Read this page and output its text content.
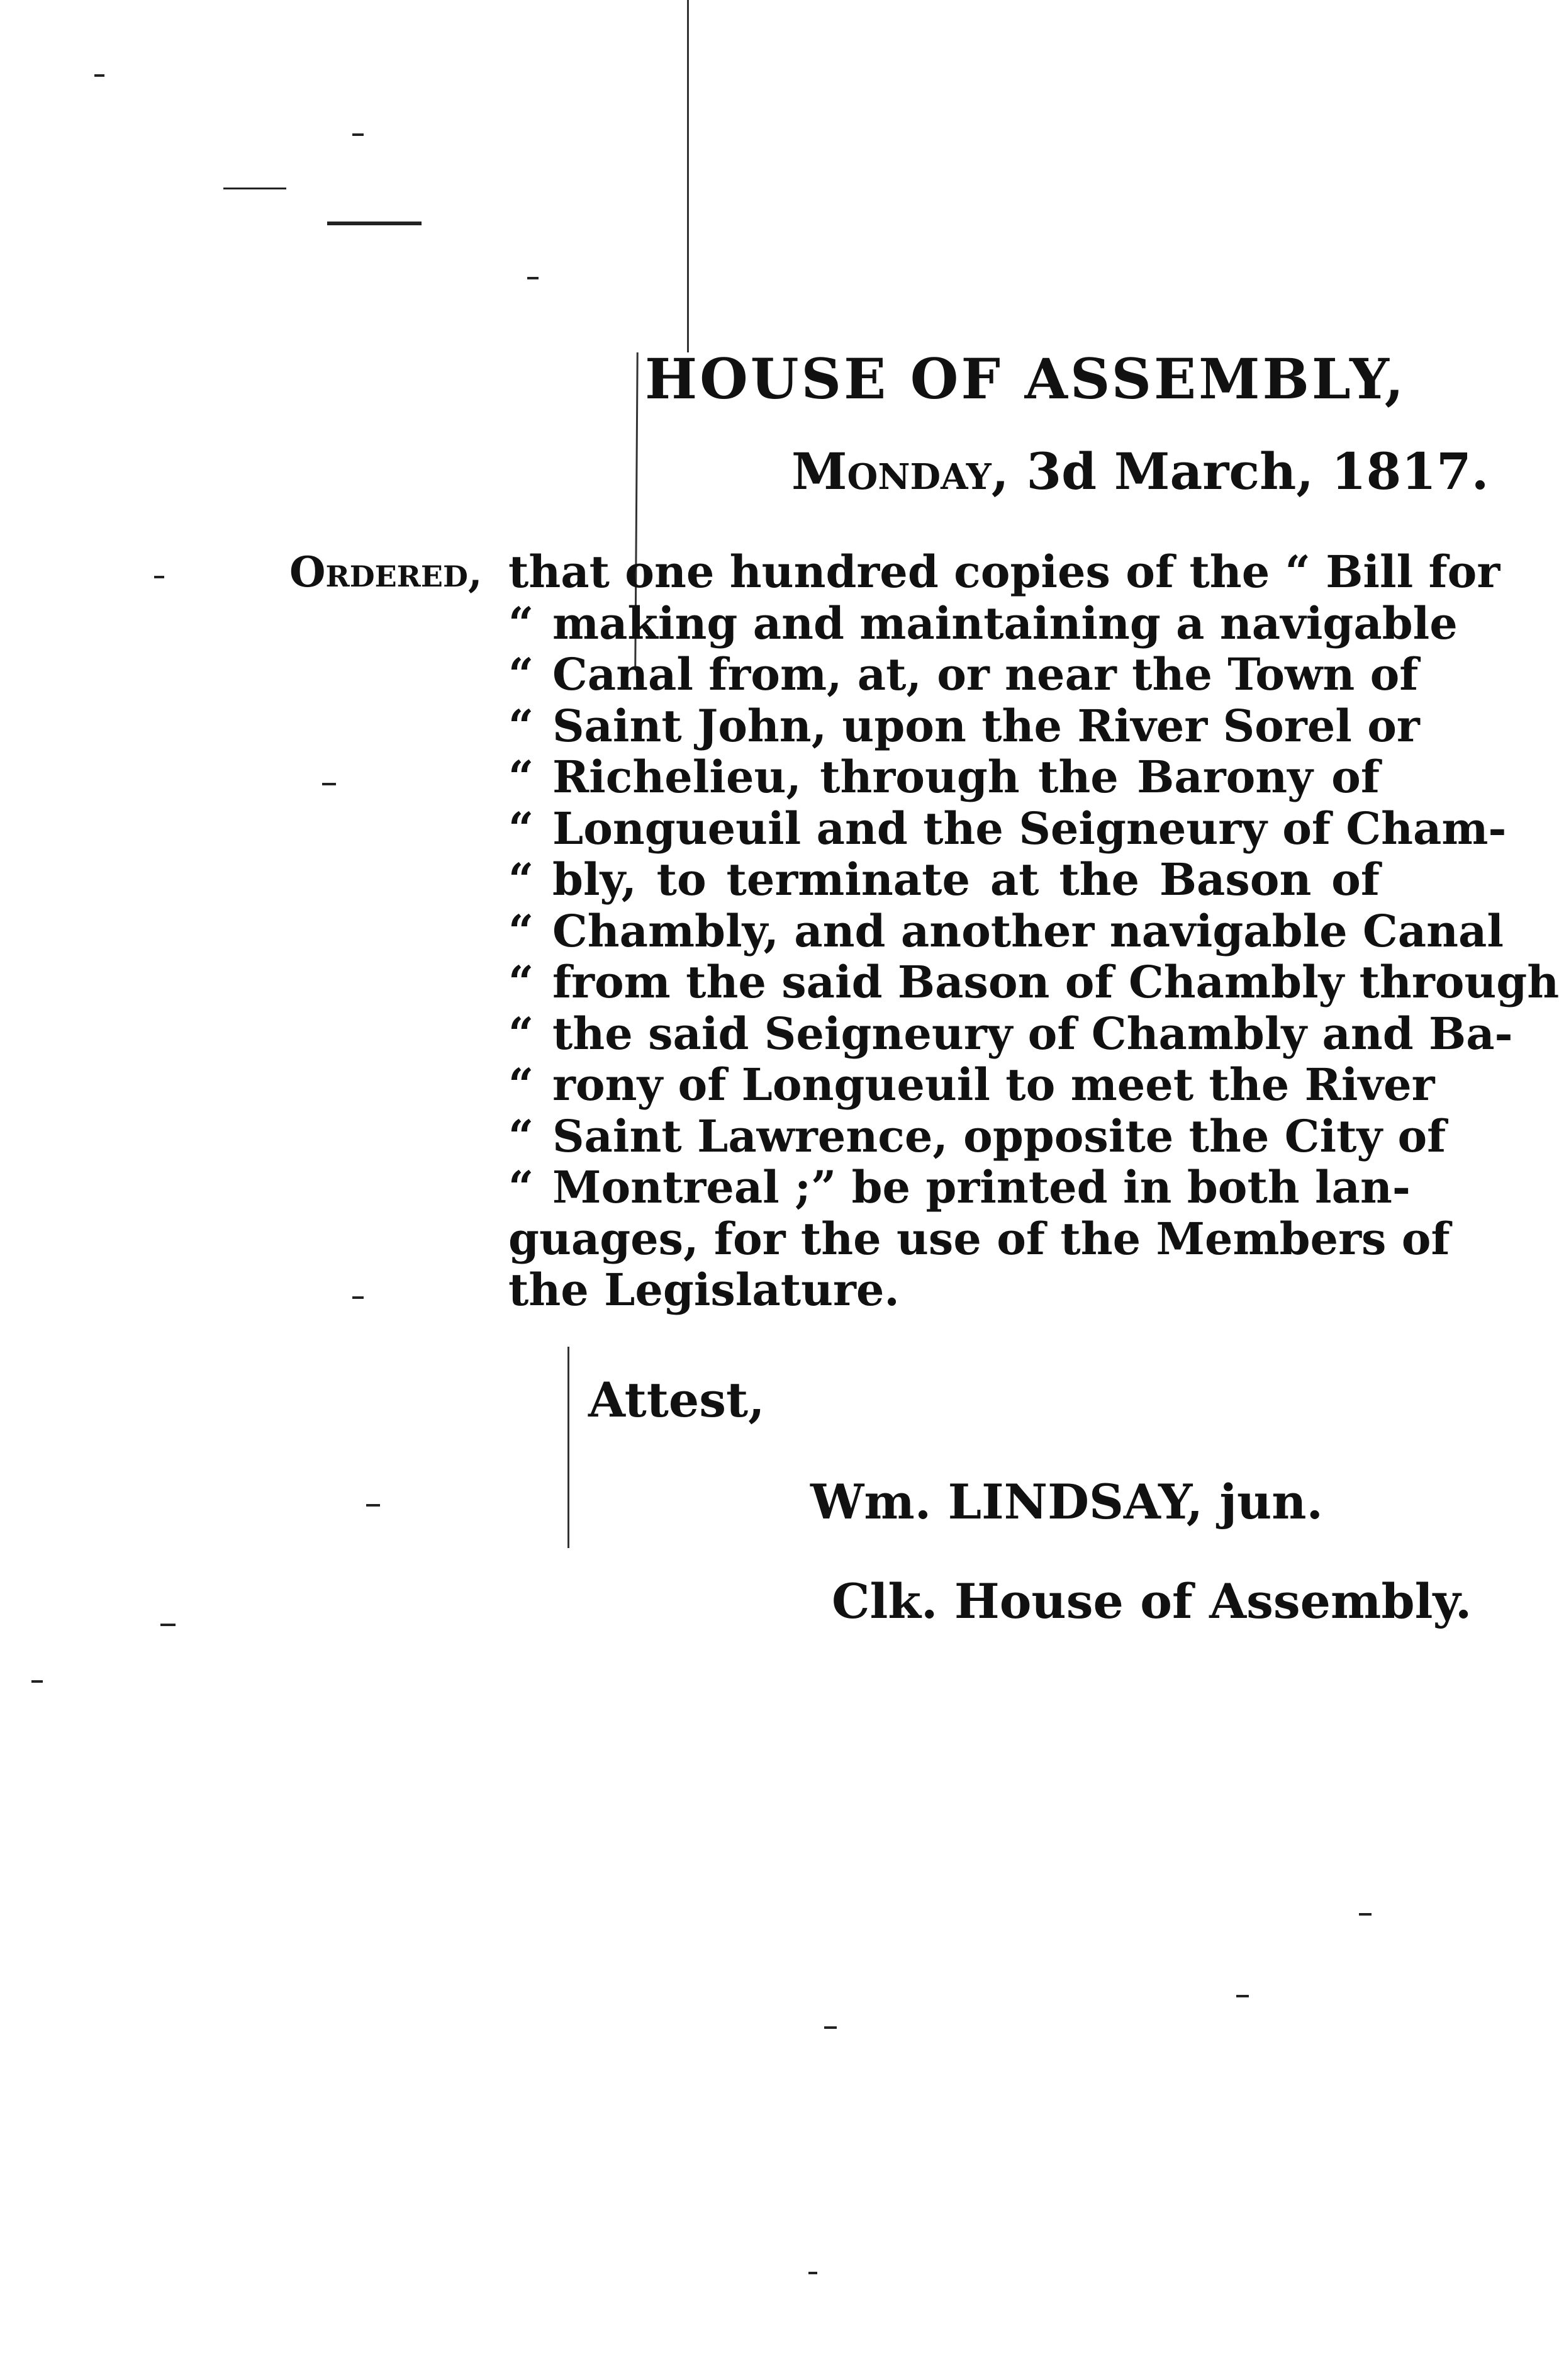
HOUSE OF ASSEMBLY,
Monday, 3d March, 1817.
Ordered, that one hundred copies of the “ Bill for
“ making and maintaining a navigable
“ Canal from, at, or near the Town of
“ Saint John, upon the River Sorel or
“ Richelieu, through the Barony of
“ Longueuil and the Seigneury of Cham-
“ bly, to terminate at the Bason of
“ Chambly, and another navigable Canal
“ from the said Bason of Chambly through
“ the said Seigneury of Chambly and Ba-
“ rony of Longueuil to meet the River
“ Saint Lawrence, opposite the City of
“ Montreal ;” be printed in both lan-
guages, for the use of the Members of
the Legislature.
Attest,
Wm. LINDSAY, jun.
Clk. House of Assembly.
